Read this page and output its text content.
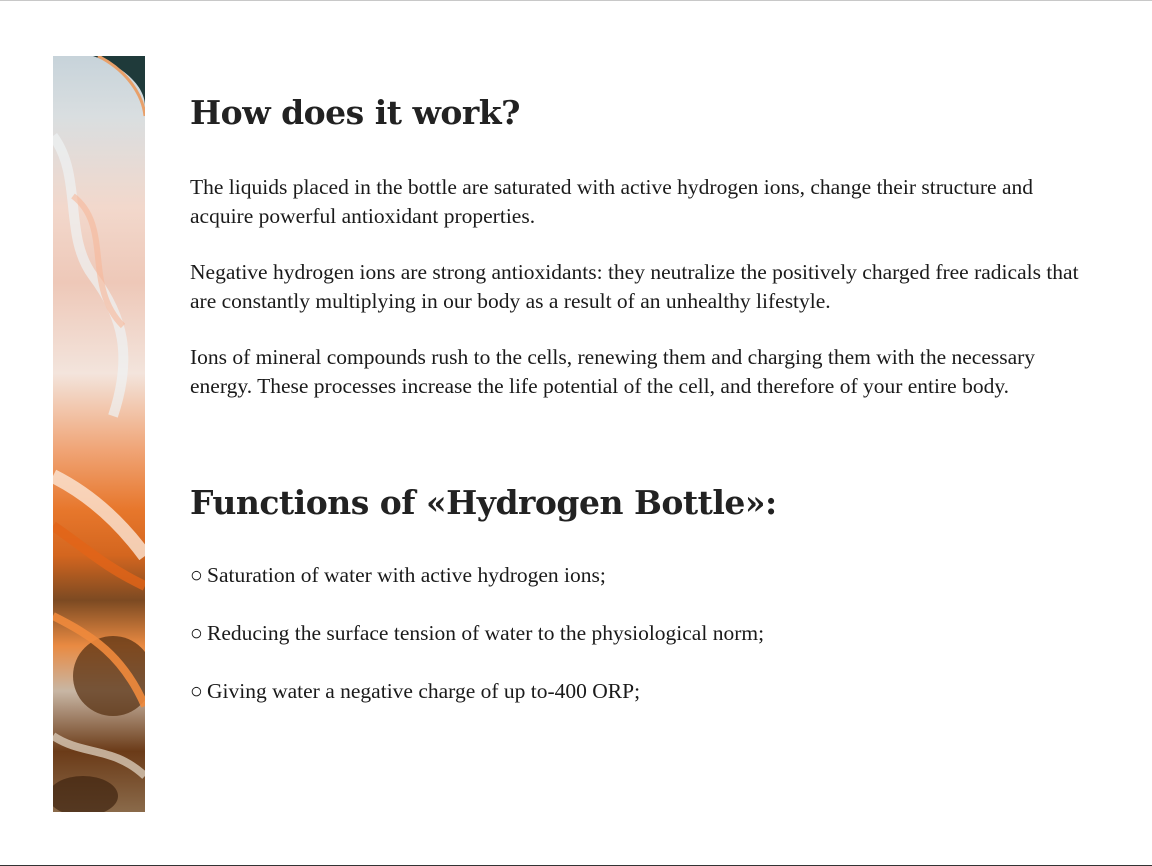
How does it work?

The liquids placed in the bottle are saturated with active hydrogen ions, change their structure and acquire powerful antioxidant properties.

Negative hydrogen ions are strong antioxidants: they neutralize the positively charged free radicals that are constantly multiplying in our body as a result of an unhealthy lifestyle.

Ions of mineral compounds rush to the cells, renewing them and charging them with the necessary energy. These processes increase the life potential of the cell, and therefore of your entire body.

Functions of «Hydrogen Bottle»:
○ Saturation of water with active hydrogen ions;
○ Reducing the surface tension of water to the physiological norm;
○ Giving water a negative charge of up to-400 ORP;
